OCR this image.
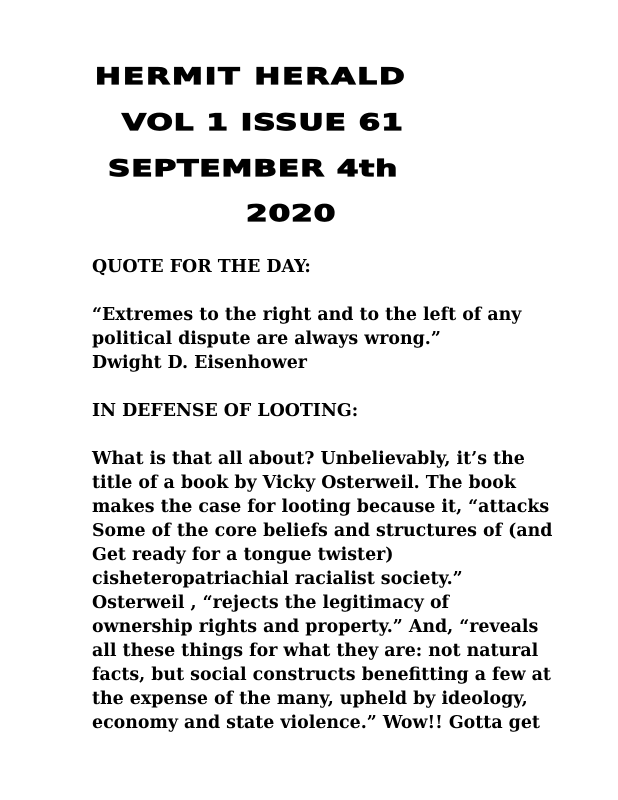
HERMIT HERALD
VOL 1 ISSUE 61
SEPTEMBER 4th
2020
QUOTE FOR THE DAY:
“Extremes to the right and to the left of any
political dispute are always wrong.”
Dwight D. Eisenhower
IN DEFENSE OF LOOTING:
What is that all about? Unbelievably, it’s the
title of a book by Vicky Osterweil. The book
makes the case for looting because it, “attacks
Some of the core beliefs and structures of (and
Get ready for a tongue twister)
cisheteropatriachial racialist society.”
Osterweil , “rejects the legitimacy of
ownership rights and property.” And, “reveals
all these things for what they are: not natural
facts, but social constructs benefitting a few at
the expense of the many, upheld by ideology,
economy and state violence.” Wow!! Gotta get
